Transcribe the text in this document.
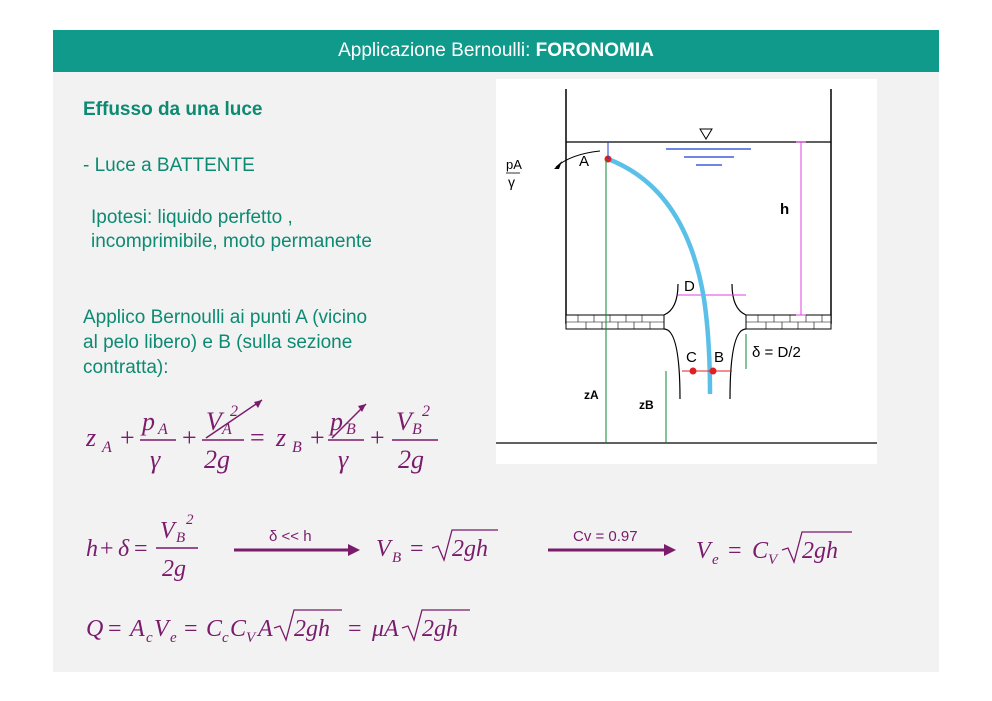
Applicazione Bernoulli: FORONOMIA
Effusso da una luce
- Luce a BATTENTE
Ipotesi: liquido perfetto ,
incomprimibile, moto permanente
Applico Bernoulli ai punti A (vicino
al pelo libero) e B (sulla sezione
contratta):
D
A
pA
γ
h
C B δ = D/2
zA
zB
z A +
p A
γ
+
V A
2
2g
= z B +
p B
γ
+
V B
2
2g
h + δ =
V B
2
2g
V B = 2gh	V e = C V 2gh
δ << h	Cv = 0.97
Q = A c V e = C c C V A 2gh = μA 2gh
